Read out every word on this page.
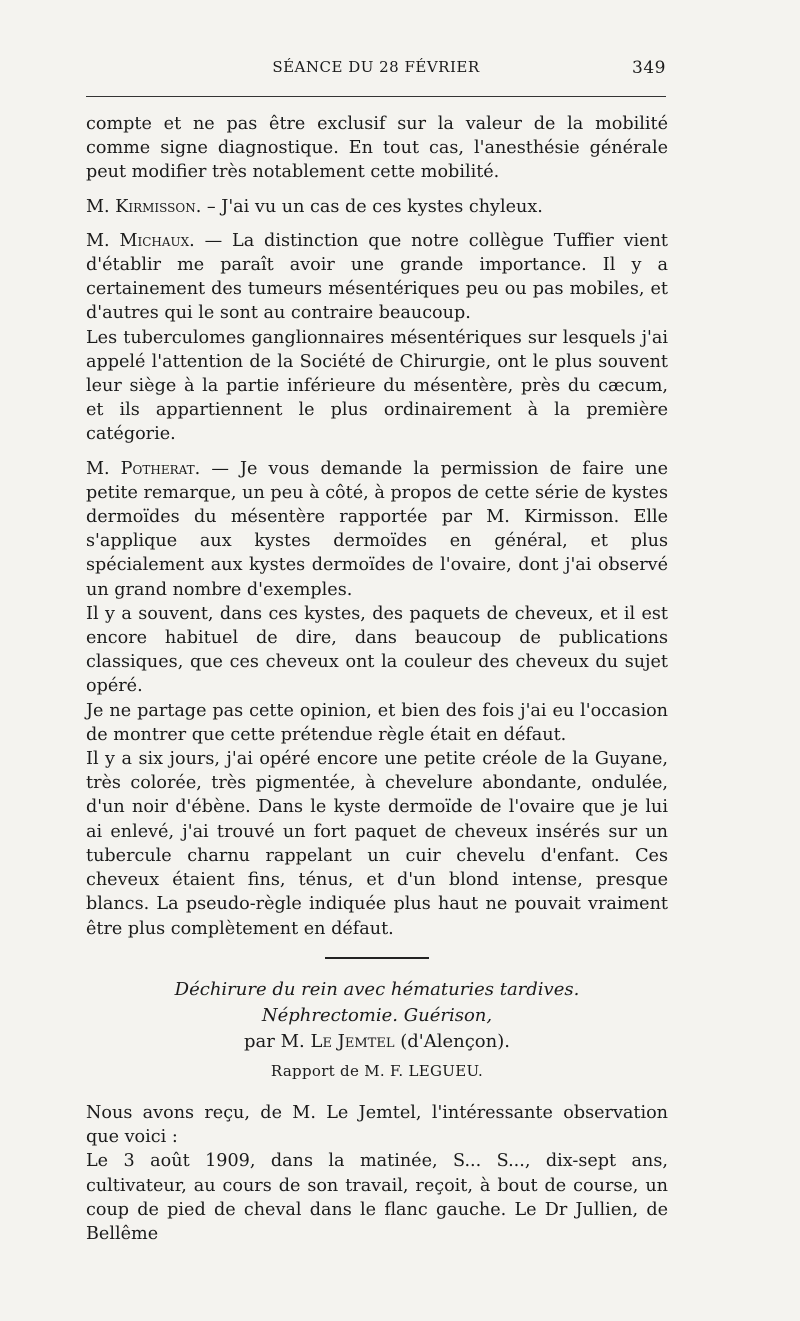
SÉANCE DU 28 FÉVRIER	349

compte et ne pas être exclusif sur la valeur de la mobilité comme signe diagnostique. En tout cas, l'anesthésie générale peut modifier très notablement cette mobilité.

M. Kirmisson. – J'ai vu un cas de ces kystes chyleux.

M. Michaux. — La distinction que notre collègue Tuffier vient d'établir me paraît avoir une grande importance. Il y a certainement des tumeurs mésentériques peu ou pas mobiles, et d'autres qui le sont au contraire beaucoup.

Les tuberculomes ganglionnaires mésentériques sur lesquels j'ai appelé l'attention de la Société de Chirurgie, ont le plus souvent leur siège à la partie inférieure du mésentère, près du cæcum, et ils appartiennent le plus ordinairement à la première catégorie.

M. Potherat. — Je vous demande la permission de faire une petite remarque, un peu à côté, à propos de cette série de kystes dermoïdes du mésentère rapportée par M. Kirmisson. Elle s'applique aux kystes dermoïdes en général, et plus spécialement aux kystes dermoïdes de l'ovaire, dont j'ai observé un grand nombre d'exemples.

Il y a souvent, dans ces kystes, des paquets de cheveux, et il est encore habituel de dire, dans beaucoup de publications classiques, que ces cheveux ont la couleur des cheveux du sujet opéré.

Je ne partage pas cette opinion, et bien des fois j'ai eu l'occasion de montrer que cette prétendue règle était en défaut.

Il y a six jours, j'ai opéré encore une petite créole de la Guyane, très colorée, très pigmentée, à chevelure abondante, ondulée, d'un noir d'ébène. Dans le kyste dermoïde de l'ovaire que je lui ai enlevé, j'ai trouvé un fort paquet de cheveux insérés sur un tubercule charnu rappelant un cuir chevelu d'enfant. Ces cheveux étaient fins, ténus, et d'un blond intense, presque blancs. La pseudo-règle indiquée plus haut ne pouvait vraiment être plus complètement en défaut.

Déchirure du rein avec hématuries tardives.
Néphrectomie. Guérison,
par M. Le Jemtel (d'Alençon).
Rapport de M. F. LEGUEU.

Nous avons reçu, de M. Le Jemtel, l'intéressante observation que voici :

Le 3 août 1909, dans la matinée, S... S..., dix-sept ans, cultivateur, au cours de son travail, reçoit, à bout de course, un coup de pied de cheval dans le flanc gauche. Le Dr Jullien, de Bellême
